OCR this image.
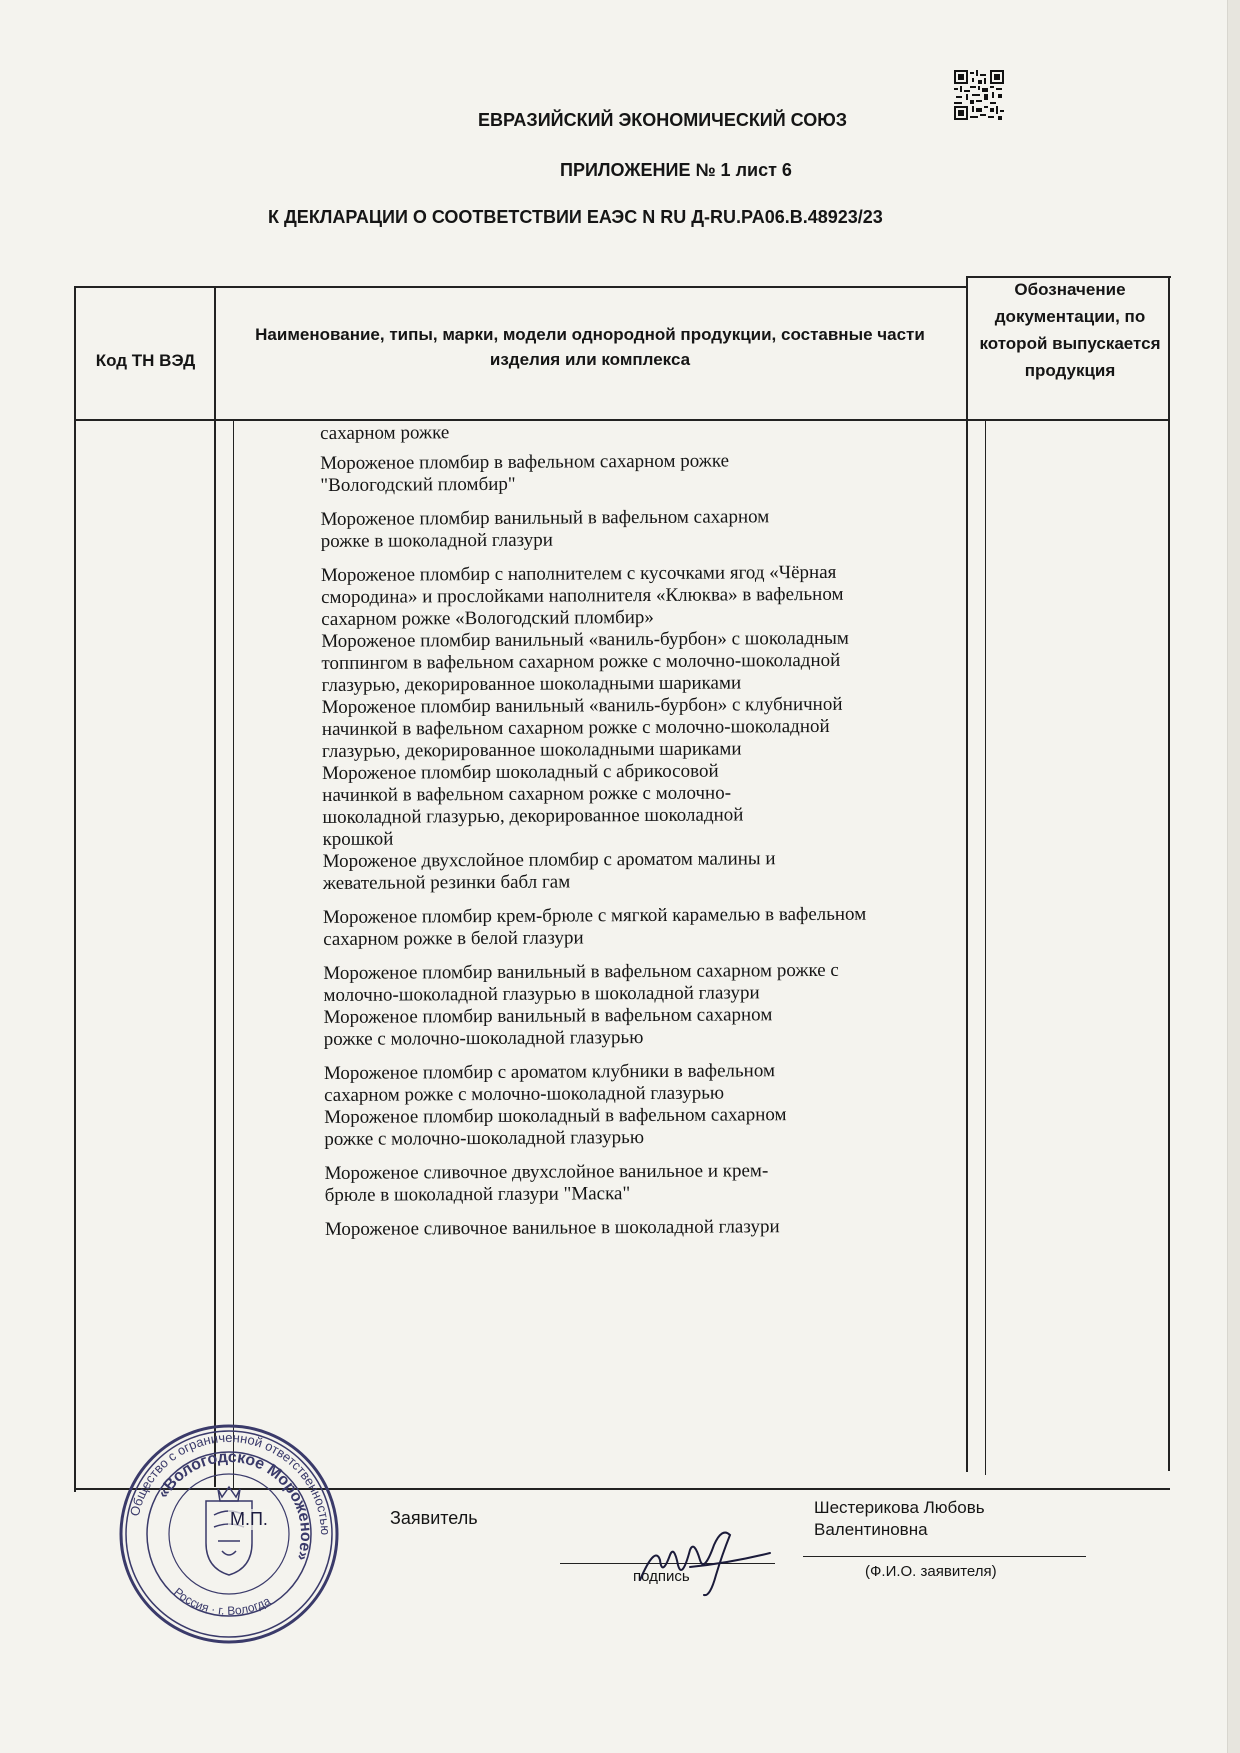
ЕВРАЗИЙСКИЙ ЭКОНОМИЧЕСКИЙ СОЮЗ
ПРИЛОЖЕНИЕ № 1 лист 6
К ДЕКЛАРАЦИИ О СООТВЕТСТВИИ ЕАЭС N RU Д-RU.PA06.B.48923/23
Код ТН ВЭД
Наименование, типы, марки, модели однородной продукции, составные части изделия или комплекса
Обозначение документации, по которой выпускается продукция

сахарном рожке

Мороженое пломбир в вафельном сахарном рожке "Вологодский пломбир"

Мороженое пломбир ванильный в вафельном сахарном рожке в шоколадной глазури

Мороженое пломбир с наполнителем с кусочками ягод «Чёрная смородина» и прослойками наполнителя «Клюква» в вафельном сахарном рожке «Вологодский пломбир»

Мороженое пломбир ванильный «ваниль-бурбон» с шоколадным топпингом в вафельном сахарном рожке с молочно-шоколадной глазурью, декорированное шоколадными шариками

Мороженое пломбир ванильный «ваниль-бурбон» с клубничной начинкой в вафельном сахарном рожке с молочно-шоколадной глазурью, декорированное шоколадными шариками

Мороженое пломбир шоколадный с абрикосовой начинкой в вафельном сахарном рожке с молочно-шоколадной глазурью, декорированное шоколадной крошкой

Мороженое двухслойное пломбир с ароматом малины и жевательной резинки бабл гам

Мороженое пломбир крем-брюле с мягкой карамелью в вафельном сахарном рожке в белой глазури

Мороженое пломбир ванильный в вафельном сахарном рожке с молочно-шоколадной глазурью в шоколадной глазури

Мороженое пломбир ванильный в вафельном сахарном рожке с молочно-шоколадной глазурью

Мороженое пломбир с ароматом клубники в вафельном сахарном рожке с молочно-шоколадной глазурью

Мороженое пломбир шоколадный в вафельном сахарном рожке с молочно-шоколадной глазурью

Мороженое сливочное двухслойное ванильное и крем-брюле в шоколадной глазури "Маска"

Мороженое сливочное ванильное в шоколадной глазури

Заявитель
Шестерикова Любовь Валентиновна
подпись	(Ф.И.О. заявителя)
Общество с ограниченной ответственностью
«Вологодское Мороженое»
Россия · г. Вологда
М.П.
